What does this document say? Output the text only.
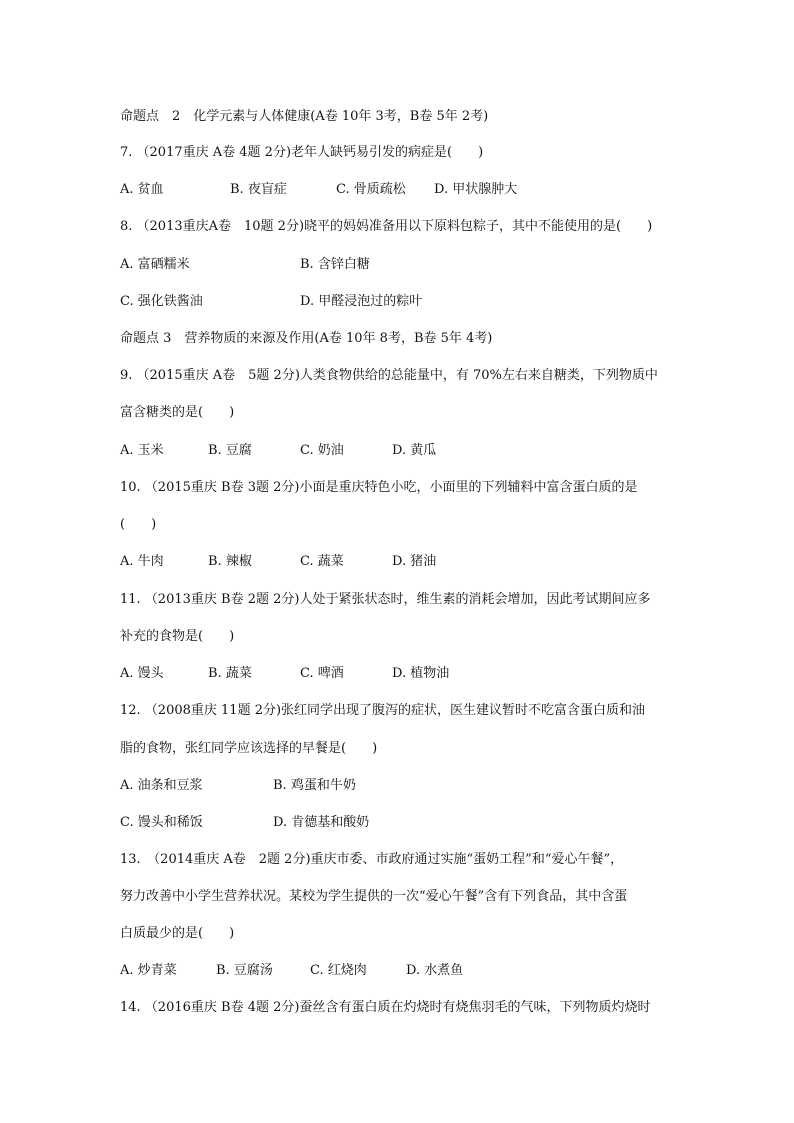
命题点　2　化学元素与人体健康(A卷 10年 3考，B卷 5年 2考)
7. （2017重庆 A卷 4题 2分)老年人缺钙易引发的病症是(　　)
A. 贫血	B. 夜盲症	C. 骨质疏松 D. 甲状腺肿大
8. （2013重庆A卷　10题 2分)晓平的妈妈准备用以下原料包粽子，其中不能使用的是(　　)
A. 富硒糯米	B. 含锌白糖
C. 强化铁酱油	D. 甲醛浸泡过的粽叶
命题点 3　营养物质的来源及作用(A卷 10年 8考，B卷 5年 4考)
9. （2015重庆 A卷　5题 2分)人类食物供给的总能量中，有 70%左右来自糖类，下列物质中
富含糖类的是(　　)
A. 玉米	B. 豆腐	C. 奶油	D. 黄瓜
10. （2015重庆 B卷 3题 2分)小面是重庆特色小吃，小面里的下列辅料中富含蛋白质的是
(　　)
A. 牛肉	B. 辣椒	C. 蔬菜	D. 猪油
11. （2013重庆 B卷 2题 2分)人处于紧张状态时，维生素的消耗会增加，因此考试期间应多
补充的食物是(　　)
A. 馒头	B. 蔬菜	C. 啤酒	D. 植物油
12. （2008重庆 11题 2分)张红同学出现了腹泻的症状，医生建议暂时不吃富含蛋白质和油
脂的食物，张红同学应该选择的早餐是(　　)
A. 油条和豆浆	B. 鸡蛋和牛奶
C. 馒头和稀饭	D. 肯德基和酸奶
13.　（2014重庆 A卷　2题 2分)重庆市委、市政府通过实施“蛋奶工程”和“爱心午餐”，
努力改善中小学生营养状况。某校为学生提供的一次“爱心午餐”含有下列食品，其中含蛋
白质最少的是(　　)
A. 炒青菜	B. 豆腐汤	C. 红烧肉	D. 水煮鱼
14. （2016重庆 B卷 4题 2分)蚕丝含有蛋白质在灼烧时有烧焦羽毛的气味，下列物质灼烧时
